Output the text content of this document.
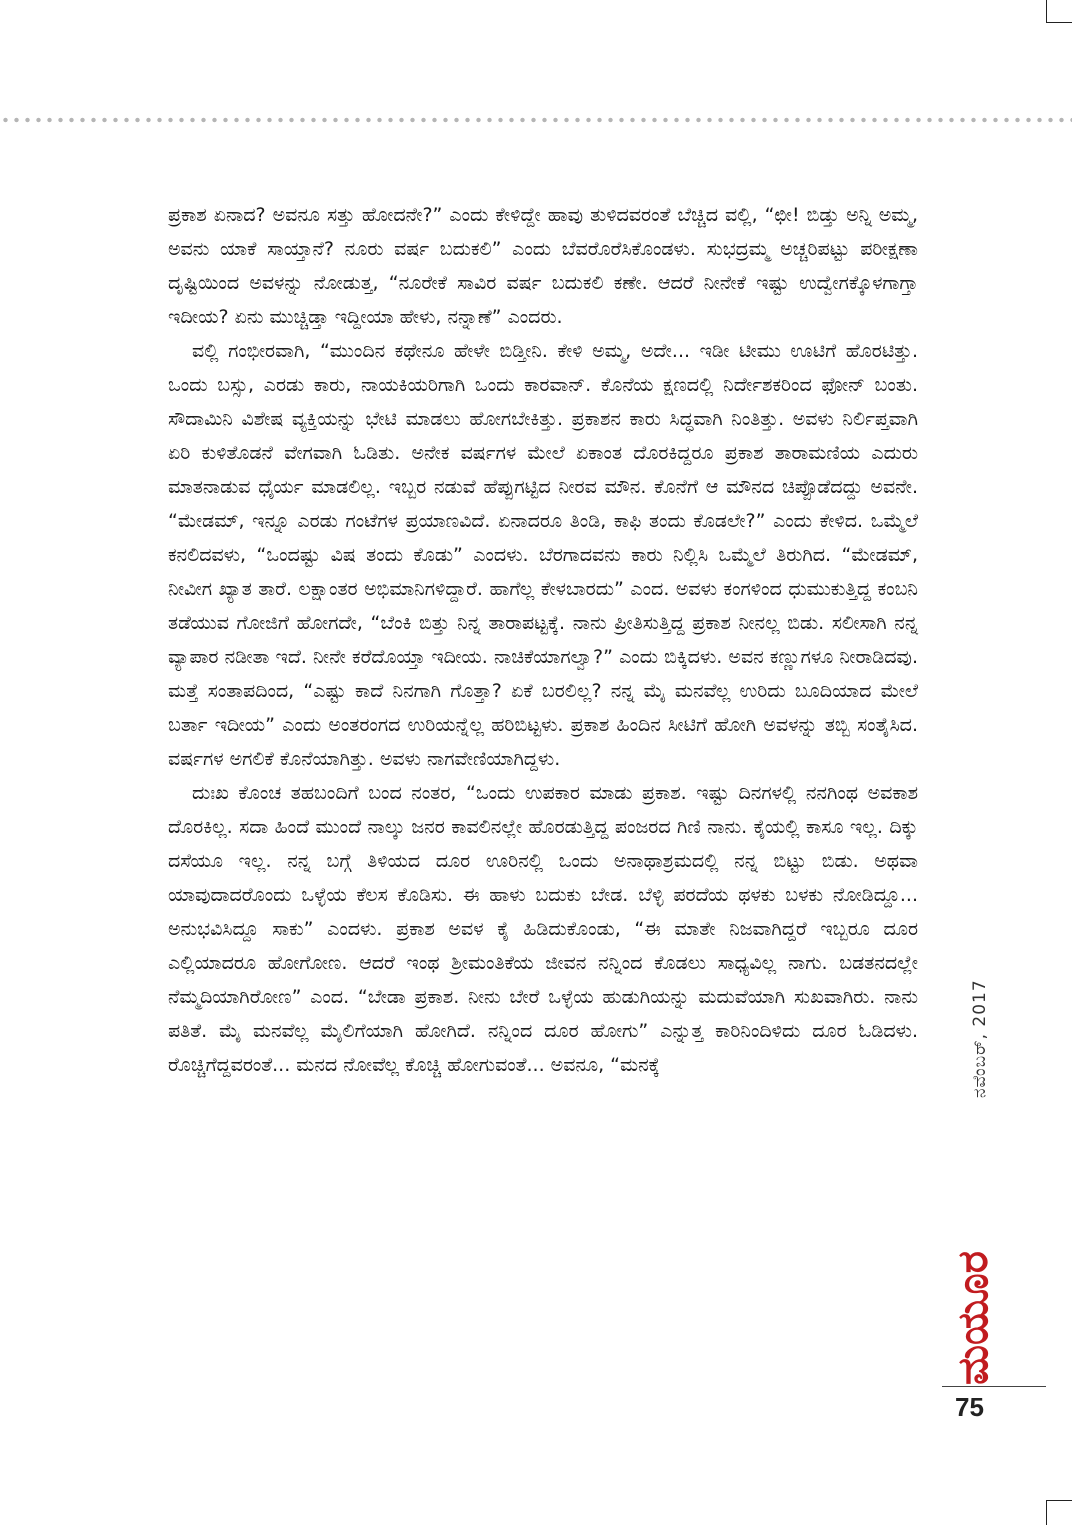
ಪ್ರಕಾಶ ಏನಾದ? ಅವನೂ ಸತ್ತು ಹೋದನೇ?” ಎಂದು ಕೇಳಿದ್ದೇ ಹಾವು ತುಳಿದವರಂತೆ ಬೆಚ್ಚಿದ ವಲ್ಲಿ, “ಛೀ! ಬಿಡ್ತು ಅನ್ನಿ ಅಮ್ಮ, ಅವನು ಯಾಕೆ ಸಾಯ್ತಾನೆ? ನೂರು ವರ್ಷ ಬದುಕಲಿ” ಎಂದು ಬೆವರೊರೆಸಿಕೊಂಡಳು. ಸುಭದ್ರಮ್ಮ ಅಚ್ಚರಿಪಟ್ಟು ಪರೀಕ್ಷಣಾ ದೃಷ್ಟಿಯಿಂದ ಅವಳನ್ನು ನೋಡುತ್ತ, “ನೂರೇಕೆ ಸಾವಿರ ವರ್ಷ ಬದುಕಲಿ ಕಣೇ. ಆದರೆ ನೀನೇಕೆ ಇಷ್ಟು ಉದ್ವೇಗಕ್ಕೊಳಗಾಗ್ತಾ ಇದೀಯ? ಏನು ಮುಚ್ಚಿಡ್ತಾ ಇದ್ದೀಯಾ ಹೇಳು, ನನ್ನಾಣೆ” ಎಂದರು.

ವಲ್ಲಿ ಗಂಭೀರವಾಗಿ, “ಮುಂದಿನ ಕಥೇನೂ ಹೇಳೇ ಬಿಡ್ತೀನಿ. ಕೇಳಿ ಅಮ್ಮ, ಅದೇ... ಇಡೀ ಟೀಮು ಊಟಿಗೆ ಹೊರಟಿತ್ತು. ಒಂದು ಬಸ್ಸು, ಎರಡು ಕಾರು, ನಾಯಕಿಯರಿಗಾಗಿ ಒಂದು ಕಾರವಾನ್. ಕೊನೆಯ ಕ್ಷಣದಲ್ಲಿ ನಿರ್ದೇಶಕರಿಂದ ಫೋನ್ ಬಂತು. ಸೌದಾಮಿನಿ ವಿಶೇಷ ವ್ಯಕ್ತಿಯನ್ನು ಭೇಟಿ ಮಾಡಲು ಹೋಗಬೇಕಿತ್ತು. ಪ್ರಕಾಶನ ಕಾರು ಸಿದ್ಧವಾಗಿ ನಿಂತಿತ್ತು. ಅವಳು ನಿರ್ಲಿಪ್ತವಾಗಿ ಏರಿ ಕುಳಿತೊಡನೆ ವೇಗವಾಗಿ ಓಡಿತು. ಅನೇಕ ವರ್ಷಗಳ ಮೇಲೆ ಏಕಾಂತ ದೊರಕಿದ್ದರೂ ಪ್ರಕಾಶ ತಾರಾಮಣಿಯ ಎದುರು ಮಾತನಾಡುವ ಧೈರ್ಯ ಮಾಡಲಿಲ್ಲ. ಇಬ್ಬರ ನಡುವೆ ಹೆಪ್ಪುಗಟ್ಟಿದ ನೀರವ ಮೌನ. ಕೊನೆಗೆ ಆ ಮೌನದ ಚಿಪ್ಪೊಡೆದದ್ದು ಅವನೇ. “ಮೇಡಮ್, ಇನ್ನೂ ಎರಡು ಗಂಟೆಗಳ ಪ್ರಯಾಣವಿದೆ. ಏನಾದರೂ ತಿಂಡಿ, ಕಾಫಿ ತಂದು ಕೊಡಲೇ?” ಎಂದು ಕೇಳಿದ. ಒಮ್ಮೆಲೆ ಕನಲಿದವಳು, “ಒಂದಷ್ಟು ವಿಷ ತಂದು ಕೊಡು” ಎಂದಳು. ಬೆರಗಾದವನು ಕಾರು ನಿಲ್ಲಿಸಿ ಒಮ್ಮೆಲೆ ತಿರುಗಿದ. “ಮೇಡಮ್, ನೀವೀಗ ಖ್ಯಾತ ತಾರೆ. ಲಕ್ಷಾಂತರ ಅಭಿಮಾನಿಗಳಿದ್ದಾರೆ. ಹಾಗೆಲ್ಲ ಕೇಳಬಾರದು” ಎಂದ. ಅವಳು ಕಂಗಳಿಂದ ಧುಮುಕುತ್ತಿದ್ದ ಕಂಬನಿ ತಡೆಯುವ ಗೋಜಿಗೆ ಹೋಗದೇ, “ಬೆಂಕಿ ಬಿತ್ತು ನಿನ್ನ ತಾರಾಪಟ್ಟಕ್ಕೆ. ನಾನು ಪ್ರೀತಿಸುತ್ತಿದ್ದ ಪ್ರಕಾಶ ನೀನಲ್ಲ ಬಿಡು. ಸಲೀಸಾಗಿ ನನ್ನ ವ್ಯಾಪಾರ ನಡೀತಾ ಇದೆ. ನೀನೇ ಕರೆದೊಯ್ತಾ ಇದೀಯ. ನಾಚಿಕೆಯಾಗಲ್ವಾ?” ಎಂದು ಬಿಕ್ಕಿದಳು. ಅವನ ಕಣ್ಣುಗಳೂ ನೀರಾಡಿದವು. ಮತ್ತೆ ಸಂತಾಪದಿಂದ, “ಎಷ್ಟು ಕಾದೆ ನಿನಗಾಗಿ ಗೊತ್ತಾ? ಏಕೆ ಬರಲಿಲ್ಲ? ನನ್ನ ಮೈ ಮನವೆಲ್ಲ ಉರಿದು ಬೂದಿಯಾದ ಮೇಲೆ ಬರ್ತಾ ಇದೀಯ” ಎಂದು ಅಂತರಂಗದ ಉರಿಯನ್ನೆಲ್ಲ ಹರಿಬಿಟ್ಟಳು. ಪ್ರಕಾಶ ಹಿಂದಿನ ಸೀಟಿಗೆ ಹೋಗಿ ಅವಳನ್ನು ತಬ್ಬಿ ಸಂತೈಸಿದ. ವರ್ಷಗಳ ಅಗಲಿಕೆ ಕೊನೆಯಾಗಿತ್ತು. ಅವಳು ನಾಗವೇಣಿಯಾಗಿದ್ದಳು.

ದುಃಖ ಕೊಂಚ ತಹಬಂದಿಗೆ ಬಂದ ನಂತರ, “ಒಂದು ಉಪಕಾರ ಮಾಡು ಪ್ರಕಾಶ. ಇಷ್ಟು ದಿನಗಳಲ್ಲಿ ನನಗಿಂಥ ಅವಕಾಶ ದೊರಕಿಲ್ಲ. ಸದಾ ಹಿಂದೆ ಮುಂದೆ ನಾಲ್ಕು ಜನರ ಕಾವಲಿನಲ್ಲೇ ಹೊರಡುತ್ತಿದ್ದ ಪಂಜರದ ಗಿಣಿ ನಾನು. ಕೈಯಲ್ಲಿ ಕಾಸೂ ಇಲ್ಲ. ದಿಕ್ಕು ದಸೆಯೂ ಇಲ್ಲ. ನನ್ನ ಬಗ್ಗೆ ತಿಳಿಯದ ದೂರ ಊರಿನಲ್ಲಿ ಒಂದು ಅನಾಥಾಶ್ರಮದಲ್ಲಿ ನನ್ನ ಬಿಟ್ಟು ಬಿಡು. ಅಥವಾ ಯಾವುದಾದರೊಂದು ಒಳ್ಳೆಯ ಕೆಲಸ ಕೊಡಿಸು. ಈ ಹಾಳು ಬದುಕು ಬೇಡ. ಬೆಳ್ಳಿ ಪರದೆಯ ಥಳಕು ಬಳಕು ನೋಡಿದ್ದೂ... ಅನುಭವಿಸಿದ್ದೂ ಸಾಕು” ಎಂದಳು. ಪ್ರಕಾಶ ಅವಳ ಕೈ ಹಿಡಿದುಕೊಂಡು, “ಈ ಮಾತೇ ನಿಜವಾಗಿದ್ದರೆ ಇಬ್ಬರೂ ದೂರ ಎಲ್ಲಿಯಾದರೂ ಹೋಗೋಣ. ಆದರೆ ಇಂಥ ಶ್ರೀಮಂತಿಕೆಯ ಜೀವನ ನನ್ನಿಂದ ಕೊಡಲು ಸಾಧ್ಯವಿಲ್ಲ ನಾಗು. ಬಡತನದಲ್ಲೇ ನೆಮ್ಮದಿಯಾಗಿರೋಣ” ಎಂದ. “ಬೇಡಾ ಪ್ರಕಾಶ. ನೀನು ಬೇರೆ ಒಳ್ಳೆಯ ಹುಡುಗಿಯನ್ನು ಮದುವೆಯಾಗಿ ಸುಖವಾಗಿರು. ನಾನು ಪತಿತೆ. ಮೈ ಮನವೆಲ್ಲ ಮೈಲಿಗೆಯಾಗಿ ಹೋಗಿದೆ. ನನ್ನಿಂದ ದೂರ ಹೋಗು” ಎನ್ನುತ್ತ ಕಾರಿನಿಂದಿಳಿದು ದೂರ ಓಡಿದಳು. ರೊಚ್ಚಿಗೆದ್ದವರಂತೆ... ಮನದ ನೋವೆಲ್ಲ ಕೊಚ್ಚಿ ಹೋಗುವಂತೆ... ಅವನೂ, “ಮನಕ್ಕೆ	ನವೆಂಬರ್, 2017
ಮಯೂರ
75
